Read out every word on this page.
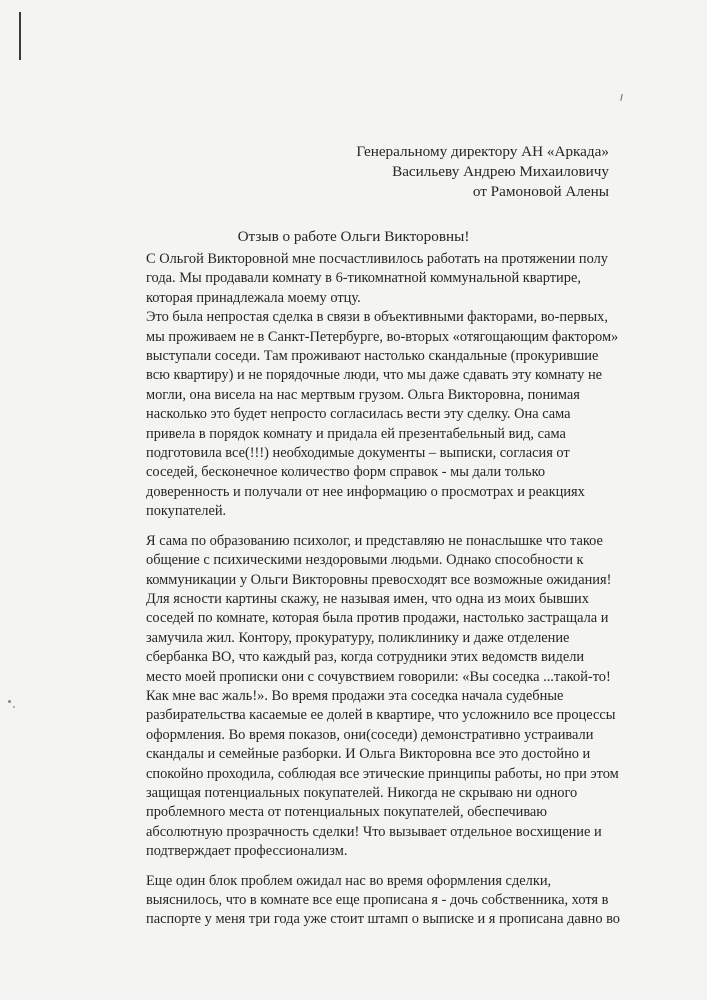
Генеральному директору АН «Аркада»
Васильеву Андрею Михаиловичу
от Рамоновой Алены
Отзыв о работе Ольги Викторовны!
С Ольгой Викторовной мне посчастливилось работать на протяжении полу
года. Мы продавали комнату в 6-тикомнатной коммунальной квартире,
которая принадлежала моему отцу.
Это была непростая сделка в связи в объективными факторами, во-первых,
мы проживаем не в Санкт-Петербурге, во-вторых «отягощающим фактором»
выступали соседи. Там проживают настолько скандальные (прокурившие
всю квартиру) и не порядочные люди, что мы даже сдавать эту комнату не
могли, она висела на нас мертвым грузом. Ольга Викторовна, понимая
насколько это будет непросто согласилась вести эту сделку. Она сама
привела в порядок комнату и придала ей презентабельный вид, сама
подготовила все(!!!) необходимые документы – выписки, согласия от
соседей, бесконечное количество форм справок - мы дали только
доверенность и получали от нее информацию о просмотрах и реакциях
покупателей.
Я сама по образованию психолог, и представляю не понаслышке что такое
общение с психическими нездоровыми людьми. Однако способности к
коммуникации у Ольги Викторовны превосходят все возможные ожидания!
Для ясности картины скажу, не называя имен, что одна из моих бывших
соседей по комнате, которая была против продажи, настолько застращала и
замучила жил. Контору, прокуратуру, поликлинику и даже отделение
сбербанка ВО, что каждый раз, когда сотрудники этих ведомств видели
место моей прописки они с сочувствием говорили: «Вы соседка ...такой-то!
Как мне вас жаль!». Во время продажи эта соседка начала судебные
разбирательства касаемые ее долей в квартире, что усложнило все процессы
оформления. Во время показов, они(соседи) демонстративно устраивали
скандалы и семейные разборки. И Ольга Викторовна все это достойно и
спокойно проходила, соблюдая все этические принципы работы, но при этом
защищая потенциальных покупателей. Никогда не скрываю ни одного
проблемного места от потенциальных покупателей, обеспечиваю
абсолютную прозрачность сделки! Что вызывает отдельное восхищение и
подтверждает профессионализм.
Еще один блок проблем ожидал нас во время оформления сделки,
выяснилось, что в комнате все еще прописана я - дочь собственника, хотя в
паспорте у меня три года уже стоит штамп о выписке и я прописана давно во
